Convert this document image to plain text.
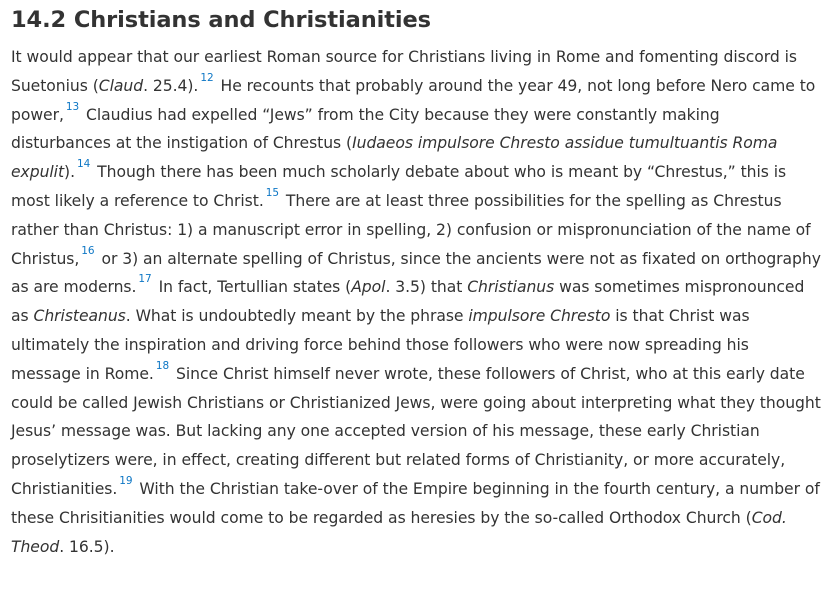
14.2 Christians and Christianities

It would appear that our earliest Roman source for Christians living in Rome and fomenting discord is Suetonius (Claud. 25.4). $^{12}$ He recounts that probably around the year 49, not long before Nero came to power, $^{13}$ Claudius had expelled “Jews” from the City because they were constantly making disturbances at the instigation of Chrestus (Iudaeos impulsore Chresto assidue tumultuantis Roma expulit). $^{14}$ Though there has been much scholarly debate about who is meant by “Chrestus,” this is most likely a reference to Christ. $^{15}$ There are at least three possibilities for the spelling as Chrestus rather than Christus: 1) a manuscript error in spelling, 2) confusion or mispronunciation of the name of Christus, $^{16}$ or 3) an alternate spelling of Christus, since the ancients were not as fixated on orthography as are moderns. $^{17}$ In fact, Tertullian states (Apol. 3.5) that Christianus was sometimes mispronounced as Christeanus. What is undoubtedly meant by the phrase impulsore Chresto is that Christ was ultimately the inspiration and driving force behind those followers who were now spreading his message in Rome. $^{18}$ Since Christ himself never wrote, these followers of Christ, who at this early date could be called Jewish Christians or Christianized Jews, were going about interpreting what they thought Jesus’ message was. But lacking any one accepted version of his message, these early Christian proselytizers were, in effect, creating different but related forms of Christianity, or more accurately, Christianities. $^{19}$ With the Christian take-over of the Empire beginning in the fourth century, a number of these Chrisitianities would come to be regarded as heresies by the so-called Orthodox Church (Cod. Theod. 16.5).
